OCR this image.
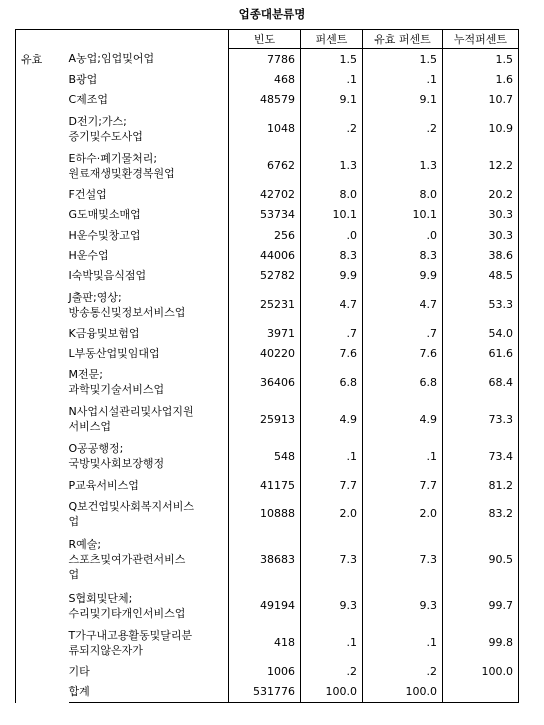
업종대분류명
		빈도	퍼센트	유효 퍼센트	누적퍼센트
유효	A농업;임업및어업	7786	1.5	1.5	1.5

	B광업	468	.1	.1	1.6

	C제조업	48579	9.1	9.1	10.7

	D전기;가스;
증기및수도사업	1048	.2	.2	10.9

	E하수·폐기물처리;
원료재생및환경복원업	6762	1.3	1.3	12.2

	F건설업	42702	8.0	8.0	20.2

	G도매및소매업	53734	10.1	10.1	30.3

	H운수및창고업	256	.0	.0	30.3

	H운수업	44006	8.3	8.3	38.6

	I숙박및음식점업	52782	9.9	9.9	48.5

	J출판;영상;
방송통신및정보서비스업	25231	4.7	4.7	53.3

	K금융및보험업	3971	.7	.7	54.0

	L부동산업및임대업	40220	7.6	7.6	61.6

	M전문;
과학및기술서비스업	36406	6.8	6.8	68.4

	N사업시설관리및사업지원
서비스업	25913	4.9	4.9	73.3

	O공공행정;
국방및사회보장행정	548	.1	.1	73.4

	P교육서비스업	41175	7.7	7.7	81.2

	Q보건업및사회복지서비스
업	10888	2.0	2.0	83.2

	R예술;
스포츠및여가관련서비스
업	38683	7.3	7.3	90.5

	S협회및단체;
수리및기타개인서비스업	49194	9.3	9.3	99.7

	T가구내고용활동및달리분
류되지않은자가	418	.1	.1	99.8

	기타	1006	.2	.2	100.0

	합계	531776	100.0	100.0	
